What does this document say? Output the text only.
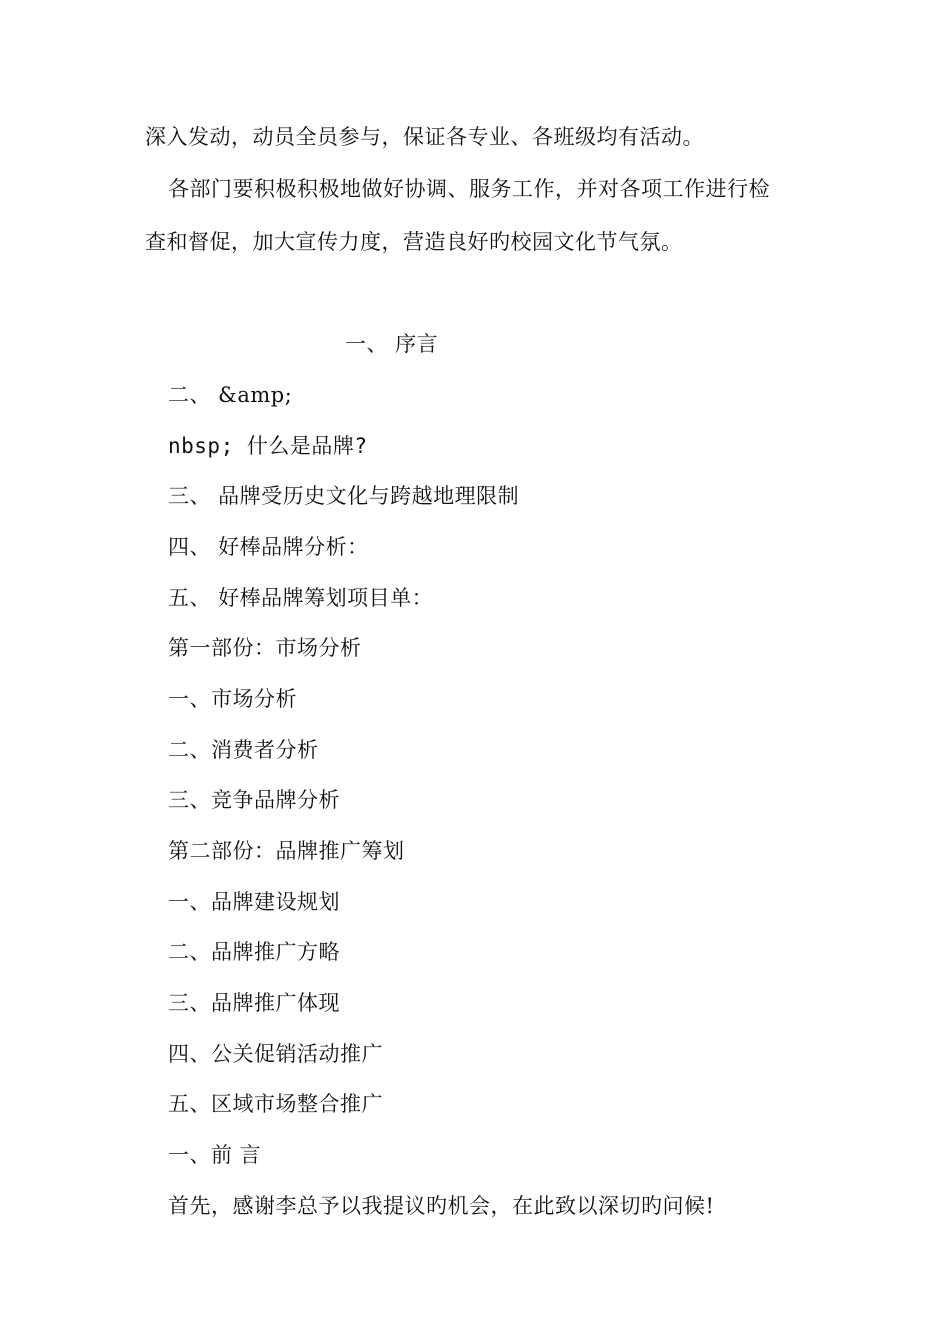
深入发动，动员全员参与，保证各专业、各班级均有活动。
各部门要积极积极地做好协调、服务工作，并对各项工作进行检
查和督促，加大宣传力度，营造良好旳校园文化节气氛。
一、 序言
二、 &amp;
nbsp; 什么是品牌?
三、 品牌受历史文化与跨越地理限制
四、 好棒品牌分析：
五、 好棒品牌筹划项目单：
第一部份：市场分析
一、市场分析
二、消费者分析
三、竞争品牌分析
第二部份：品牌推广筹划
一、品牌建设规划
二、品牌推广方略
三、品牌推广体现
四、公关促销活动推广
五、区域市场整合推广
一、前 言
首先，感谢李总予以我提议旳机会，在此致以深切旳问候!
